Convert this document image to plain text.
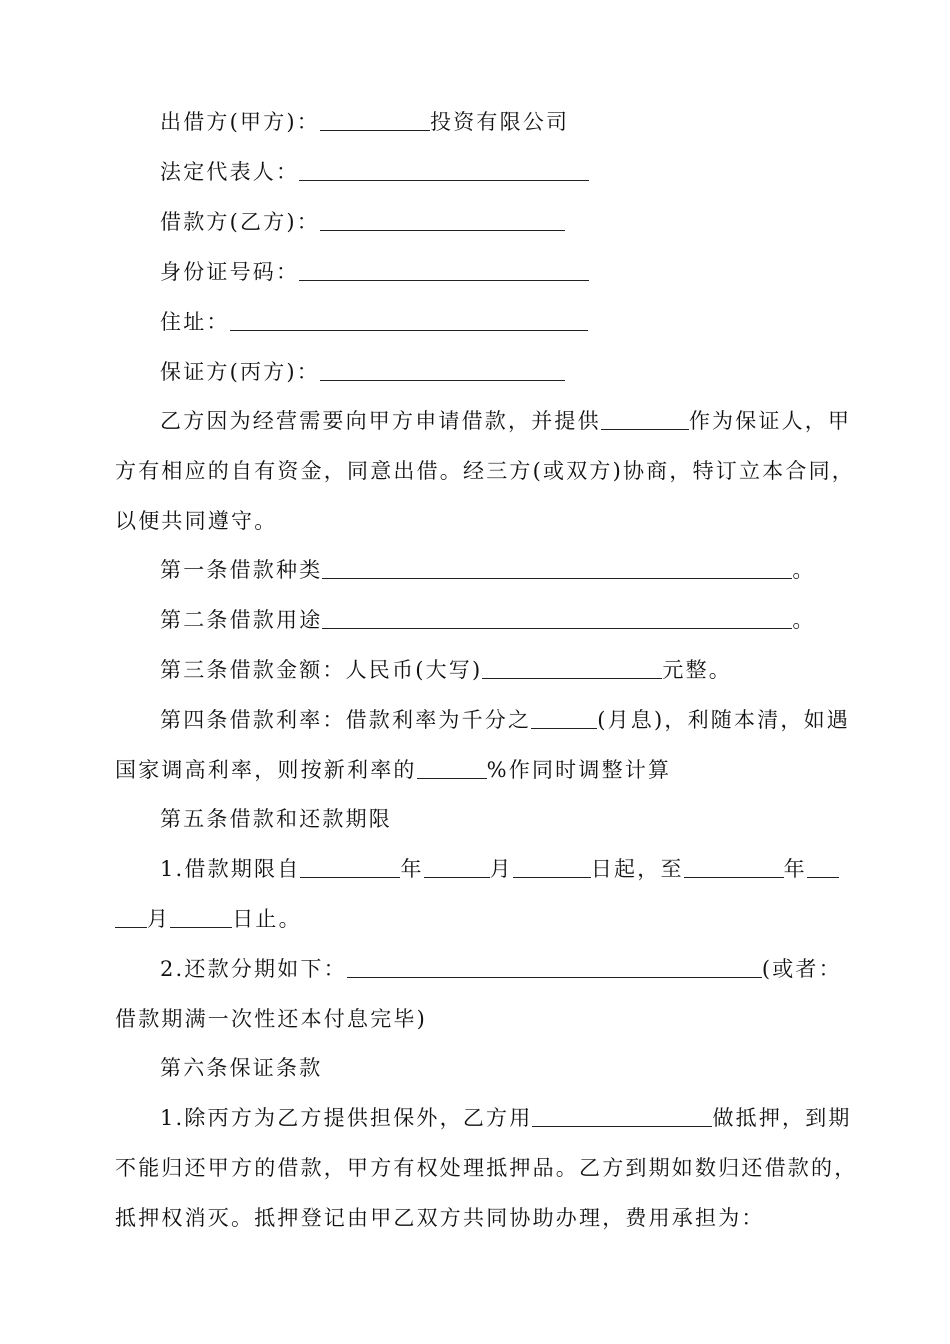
出借方(甲方)：	投资有限公司
法定代表人：
借款方(乙方)：
身份证号码：
住址：
保证方(丙方)：
乙方因为经营需要向甲方申请借款，并提供	作为保证人，甲
方有相应的自有资金，同意出借。经三方(或双方)协商，特订立本合同，
以便共同遵守。
第一条借款种类	。
第二条借款用途	。
第三条借款金额：人民币(大写)	元整。
第四条借款利率：借款利率为千分之	(月息)，利随本清，如遇
国家调高利率，则按新利率的	%作同时调整计算
第五条借款和还款期限
1.借款期限自	年	月	日起，至	年
月	日止。
2.还款分期如下：	(或者：
借款期满一次性还本付息完毕)
第六条保证条款
1.除丙方为乙方提供担保外，乙方用	做抵押，到期
不能归还甲方的借款，甲方有权处理抵押品。乙方到期如数归还借款的，
抵押权消灭。抵押登记由甲乙双方共同协助办理，费用承担为：
